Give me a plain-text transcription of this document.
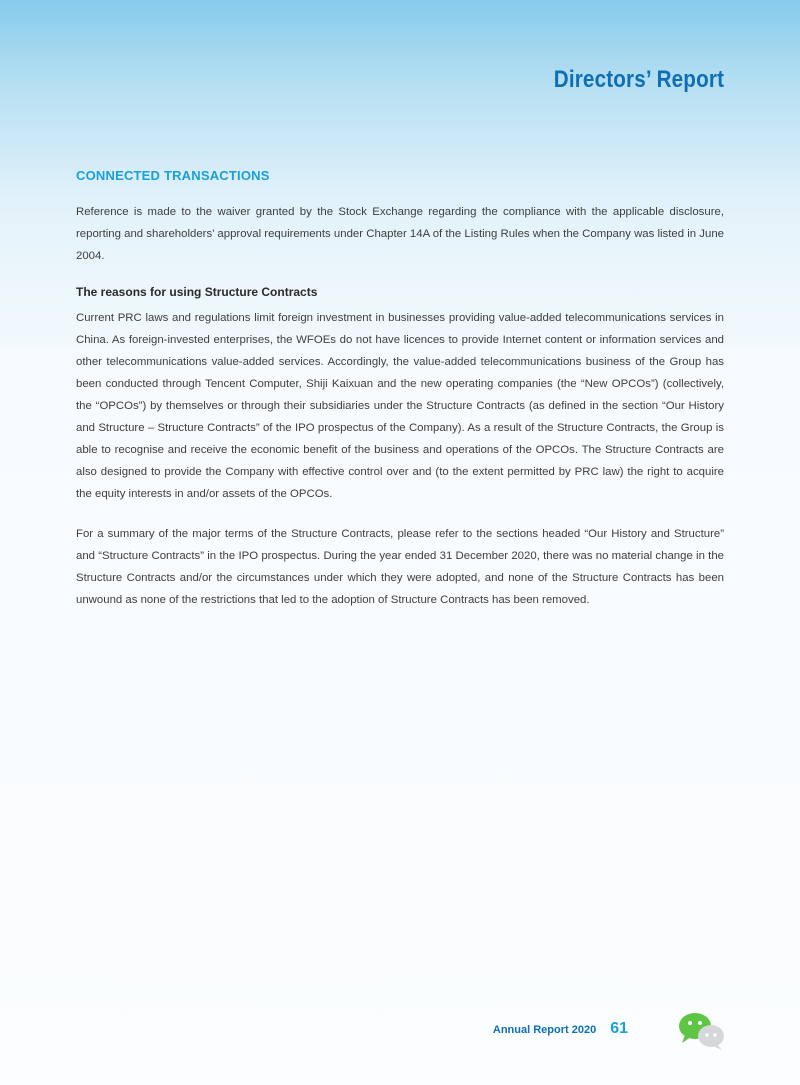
Directors’ Report
CONNECTED TRANSACTIONS

Reference is made to the waiver granted by the Stock Exchange regarding the compliance with the applicable disclosure, reporting and shareholders’ approval requirements under Chapter 14A of the Listing Rules when the Company was listed in June 2004.

The reasons for using Structure Contracts

Current PRC laws and regulations limit foreign investment in businesses providing value-added telecommunications services in China. As foreign-invested enterprises, the WFOEs do not have licences to provide Internet content or information services and other telecommunications value-added services. Accordingly, the value-added telecommunications business of the Group has been conducted through Tencent Computer, Shiji Kaixuan and the new operating companies (the “New OPCOs”) (collectively, the “OPCOs”) by themselves or through their subsidiaries under the Structure Contracts (as defined in the section “Our History and Structure – Structure Contracts” of the IPO prospectus of the Company). As a result of the Structure Contracts, the Group is able to recognise and receive the economic benefit of the business and operations of the OPCOs. The Structure Contracts are also designed to provide the Company with effective control over and (to the extent permitted by PRC law) the right to acquire the equity interests in and/or assets of the OPCOs.

For a summary of the major terms of the Structure Contracts, please refer to the sections headed “Our History and Structure” and “Structure Contracts” in the IPO prospectus. During the year ended 31 December 2020, there was no material change in the Structure Contracts and/or the circumstances under which they were adopted, and none of the Structure Contracts has been unwound as none of the restrictions that led to the adoption of Structure Contracts has been removed.

Annual Report 2020 61
